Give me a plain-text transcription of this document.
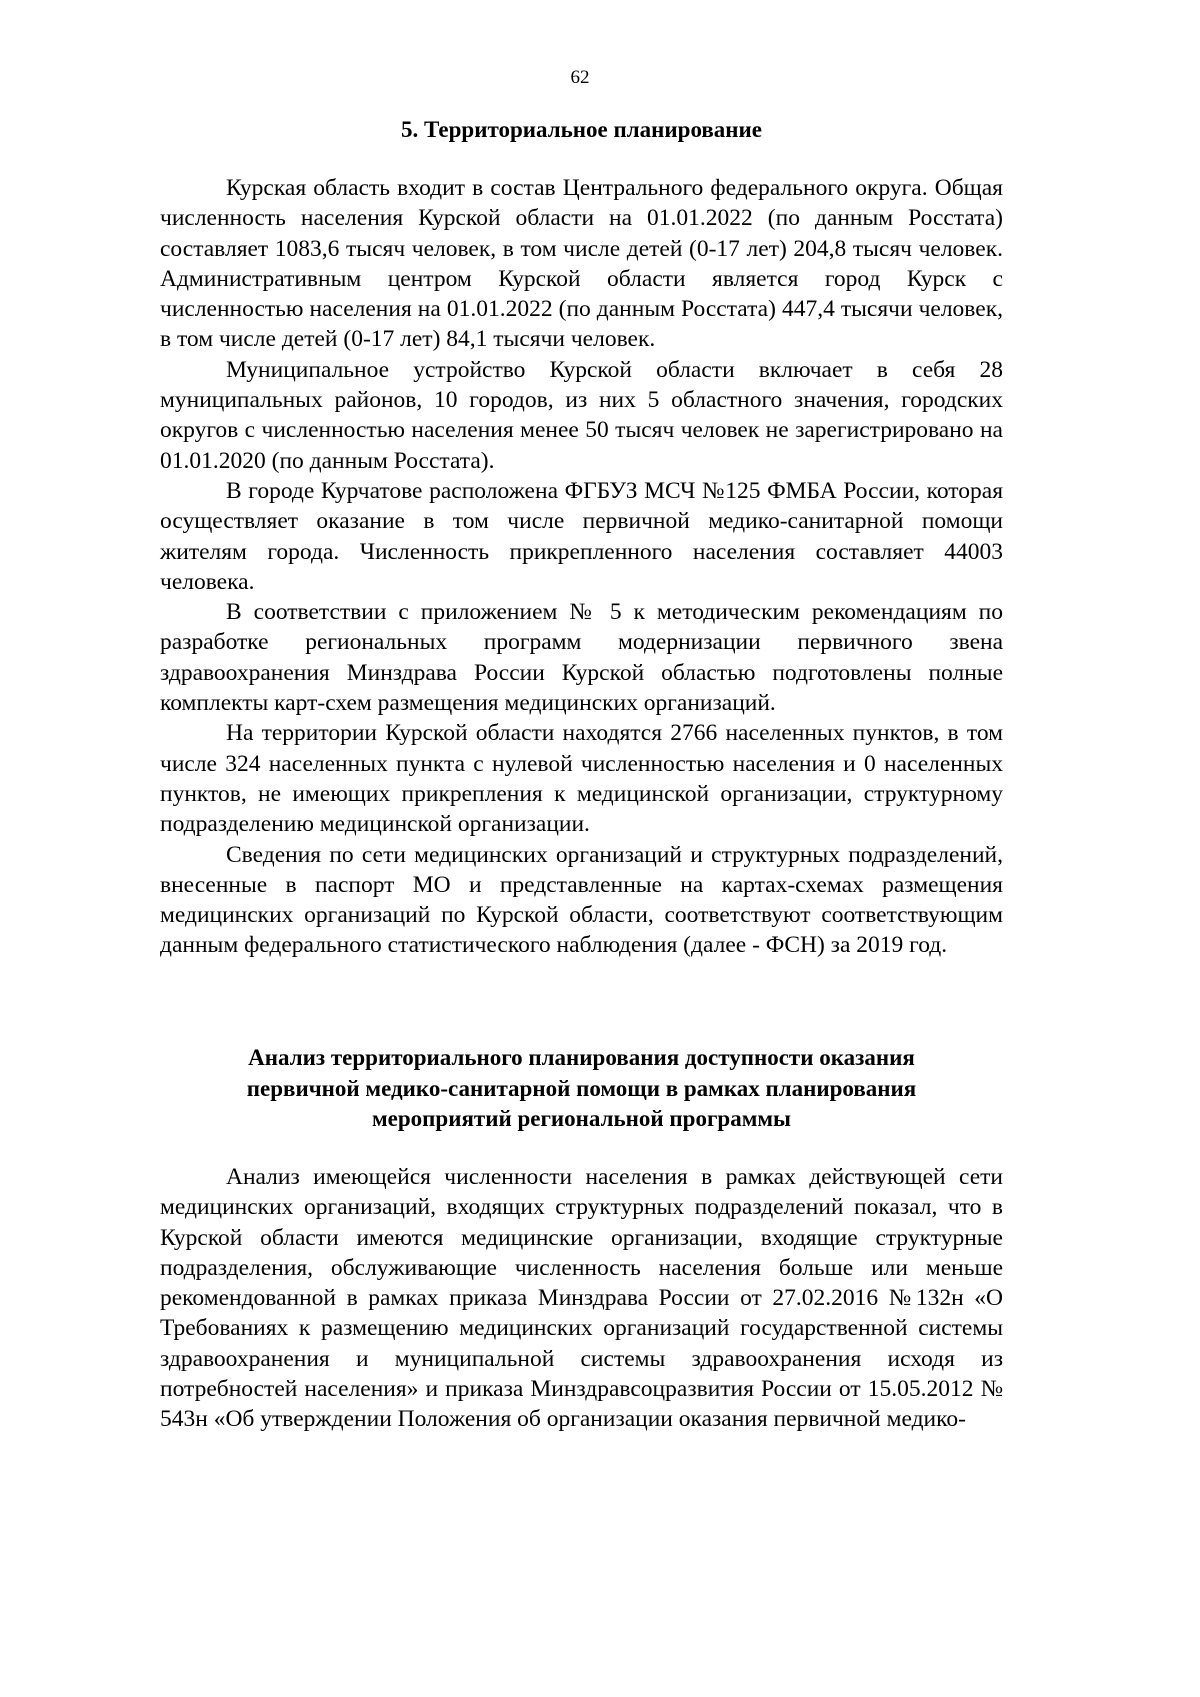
62
5. Территориальное планирование

Курская область входит в состав Центрального федерального округа. Общая численность населения Курской области на 01.01.2022 (по данным Росстата) составляет 1083,6 тысяч человек, в том числе детей (0-17 лет) 204,8 тысяч человек. Административным центром Курской области является город Курск с численностью населения на 01.01.2022 (по данным Росстата) 447,4 тысячи человек, в том числе детей (0-17 лет) 84,1 тысячи человек.

Муниципальное устройство Курской области включает в себя 28 муниципальных районов, 10 городов, из них 5 областного значения, городских округов с численностью населения менее 50 тысяч человек не зарегистрировано на 01.01.2020 (по данным Росстата).

В городе Курчатове расположена ФГБУЗ МСЧ №125 ФМБА России, которая осуществляет оказание в том числе первичной медико-санитарной помощи жителям города. Численность прикрепленного населения составляет 44003 человека.

В соответствии с приложением № 5 к методическим рекомендациям по разработке региональных программ модернизации первичного звена здравоохранения Минздрава России Курской областью подготовлены полные комплекты карт-схем размещения медицинских организаций.

На территории Курской области находятся 2766 населенных пунктов, в том числе 324 населенных пункта с нулевой численностью населения и 0 населенных пунктов, не имеющих прикрепления к медицинской организации, структурному подразделению медицинской организации.

Сведения по сети медицинских организаций и структурных подразделений, внесенные в паспорт МО и представленные на картах-схемах размещения медицинских организаций по Курской области, соответствуют соответствующим данным федерального статистического наблюдения (далее - ФСН) за 2019 год.

Анализ территориального планирования доступности оказания
первичной медико-санитарной помощи в рамках планирования
мероприятий региональной программы

Анализ имеющейся численности населения в рамках действующей сети медицинских организаций, входящих структурных подразделений показал, что в Курской области имеются медицинские организации, входящие структурные подразделения, обслуживающие численность населения больше или меньше рекомендованной в рамках приказа Минздрава России от 27.02.2016 №132н «О Требованиях к размещению медицинских организаций государственной системы здравоохранения и муниципальной системы здравоохранения исходя из потребностей населения» и приказа Минздравсоцразвития России от 15.05.2012 № 543н «Об утверждении Положения об организации оказания первичной медико-
